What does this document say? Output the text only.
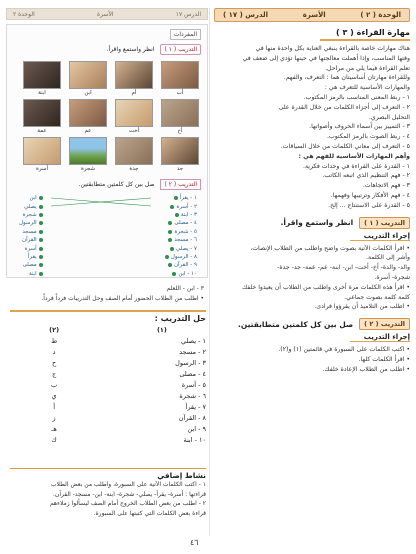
الدرس ١٧
الأسرة
الوحدة ٢
المفردات
التدريب ( ١ )
انظر واستمع واقرأ.
أب
أم
ابن
ابنة
أخ
أخت
عم
عمة
جد
جدة
شجرة
أسرة
التدريب ( ٢ )
صل بين كل كلمتين متطابقتين.
١ - يقرأ
٢ - أسرة
٣ - ابنة
٤ - مصلى
٥ - شجرة
٦ - مسجد
٧ - يصلي
٨ - الرسول
٩ - القرآن
١٠ - ابن
ابن
يصلي
شجرة
الرسول
مسجد
القرآن
أسرة
يقرأ
مصلى
ابنة

٣ - ابن - اللعلم

• اطلب من الطلاب الحضور أمام الصف وحل التدريبات فرداً فرداً.

حل التدريب :
(١)
١ - يصلي
٢ - مسجد
٣ - الرسول
٤ - مصلى
٥ - أسرة
٦ - شجرة
٧ - يقرأ
٨ - القرآن
٩ - ابن
١٠ - ابنة
(٢)
ط
د
ح
ج
ب
ي
أ
ز
هـ
ك
نشاط إضافي

١ - اكتب الكلمات الآتية على السبورة، واطلب من بعض الطلاب

قراءتها : أسرة- يقرأ- يصلي- شجرة- ابنة- ابن- مسجد- القرآن.

٢ - اطلب من بعض الطلاب الخروج أمام الصف ليسألوا زملاءهم

قراءة بعض الكلمات التي كتبتها على السبورة.

الوحدة ( ٢ )
الأسرة
الدرس ( ١٧ )
مهارة القراءة ( ٣ )

هناك مهارات خاصة بالقراءة ينبغي العناية بكل واحدة منها في

وقتها المناسب، وإذا أهملت معالجتها في حينها تؤدي إلى ضعف في

تعلم القراءة فيما يلي من مراحل.

وللقراءة مهارتان أساسيتان هما : التعرف، والفهم.

والمهارات الأساسية للتعرف هي :

١ - ربط المعنى المناسب بالرمز المكتوب.

٢ - التعرف إلى أجزاء الكلمات من خلال القدرة على

التحليل البصري.

٣ - التمييز بين أسماء الحروف وأصواتها.

٤ - ربط الصوت بالرمز المكتوب.

٥ - التعرف إلى معاني الكلمات من خلال السياقات.

وأهم المهارات الأساسية للفهم هي :

١ - القدرة على القراءة في وحدات فكرية.

٢ - فهم التنظيم الذي اتبعه الكاتب.

٣ - فهم الاتجاهات.

٤ - فهم الأفكار وترتيبها وفهمها.

٥ - القدرة على الاستنتاج ... إلخ.

التدريب ( ١ )
انظر واستمع واقرأ.
إجراء التدريب

• اقرأ الكلمات الآتية بصوت واضح واطلب من الطلاب الإنصات،

وأشر إلى الكلمة.

والد- والدة- أخ- أخت- ابن- ابنة- عم- عمة- جد- جدة-

شجرة- أسرة.

• اقرأ هذه الكلمات مرة أخرى واطلب من الطلاب أن يعيدوا خلفك

كلمة كلمة بصوت جماعي.

• اطلب من التلاميذ أن يقرؤوا فرادى.

التدريب ( ٢ )
صل بين كل كلمتين متطابقتين.
إجراء التدريب

• اكتب الكلمات على السبورة في قائمتين (١) و(٢).

• اقرأ الكلمات كلها.

• اطلب من الطلاب الإعادة خلفك.

٤٦
